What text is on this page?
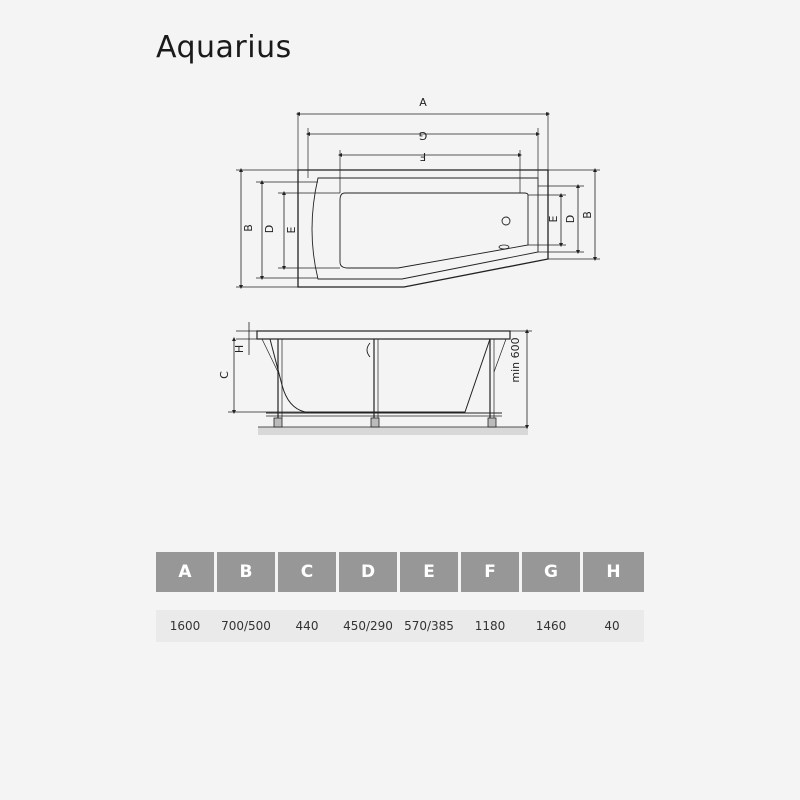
Aquarius
A
G
F
B D E
E D B
H
C	min 600
A	B	C	D	E	F	G	H

1600	700/500	440	450/290	570/385	1180	1460	40
